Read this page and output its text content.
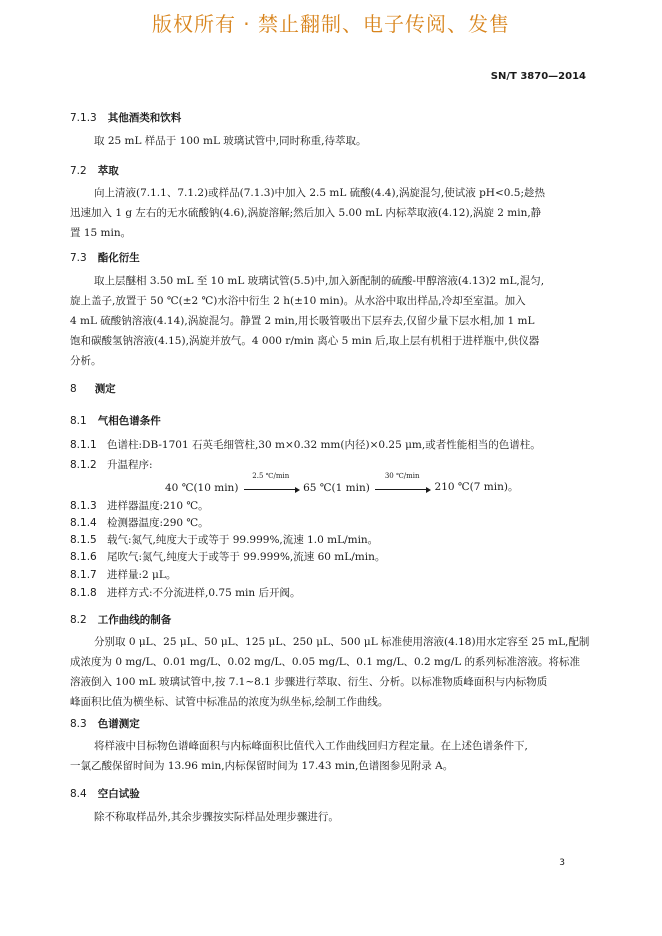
版权所有 · 禁止翻制、电子传阅、发售
SN/T 3870—2014
7.1.3 其他酒类和饮料
取 25 mL 样品于 100 mL 玻璃试管中,同时称重,待萃取。
7.2 萃取
向上清液(7.1.1、7.1.2)或样品(7.1.3)中加入 2.5 mL 硫酸(4.4),涡旋混匀,使试液 pH<0.5;趁热
迅速加入 1 g 左右的无水硫酸钠(4.6),涡旋溶解;然后加入 5.00 mL 内标萃取液(4.12),涡旋 2 min,静
置 15 min。
7.3 酯化衍生
取上层醚相 3.50 mL 至 10 mL 玻璃试管(5.5)中,加入新配制的硫酸-甲醇溶液(4.13)2 mL,混匀,
旋上盖子,放置于 50 ℃(±2 ℃)水浴中衍生 2 h(±10 min)。从水浴中取出样品,冷却至室温。加入
4 mL 硫酸钠溶液(4.14),涡旋混匀。静置 2 min,用长吸管吸出下层弃去,仅留少量下层水相,加 1 mL
饱和碳酸氢钠溶液(4.15),涡旋并放气。4 000 r/min 离心 5 min 后,取上层有机相于进样瓶中,供仪器
分析。
8 测定
8.1 气相色谱条件
8.1.1 色谱柱:DB-1701 石英毛细管柱,30 m×0.32 mm(内径)×0.25 μm,或者性能相当的色谱柱。
8.1.2 升温程序:
40 ℃(10 min)
2.5 ℃/min
65 ℃(1 min)
30 ℃/min
210 ℃(7 min)。
8.1.3 进样器温度:210 ℃。
8.1.4 检测器温度:290 ℃。
8.1.5 载气:氮气,纯度大于或等于 99.999%,流速 1.0 mL/min。
8.1.6 尾吹气:氮气,纯度大于或等于 99.999%,流速 60 mL/min。
8.1.7 进样量:2 μL。
8.1.8 进样方式:不分流进样,0.75 min 后开阀。
8.2 工作曲线的制备
分别取 0 μL、25 μL、50 μL、125 μL、250 μL、500 μL 标准使用溶液(4.18)用水定容至 25 mL,配制
成浓度为 0 mg/L、0.01 mg/L、0.02 mg/L、0.05 mg/L、0.1 mg/L、0.2 mg/L 的系列标准溶液。将标准
溶液倒入 100 mL 玻璃试管中,按 7.1~8.1 步骤进行萃取、衍生、分析。以标准物质峰面积与内标物质
峰面积比值为横坐标、试管中标准品的浓度为纵坐标,绘制工作曲线。
8.3 色谱测定
将样液中目标物色谱峰面积与内标峰面积比值代入工作曲线回归方程定量。在上述色谱条件下,
一氯乙酸保留时间为 13.96 min,内标保留时间为 17.43 min,色谱图参见附录 A。
8.4 空白试验
除不称取样品外,其余步骤按实际样品处理步骤进行。
3
